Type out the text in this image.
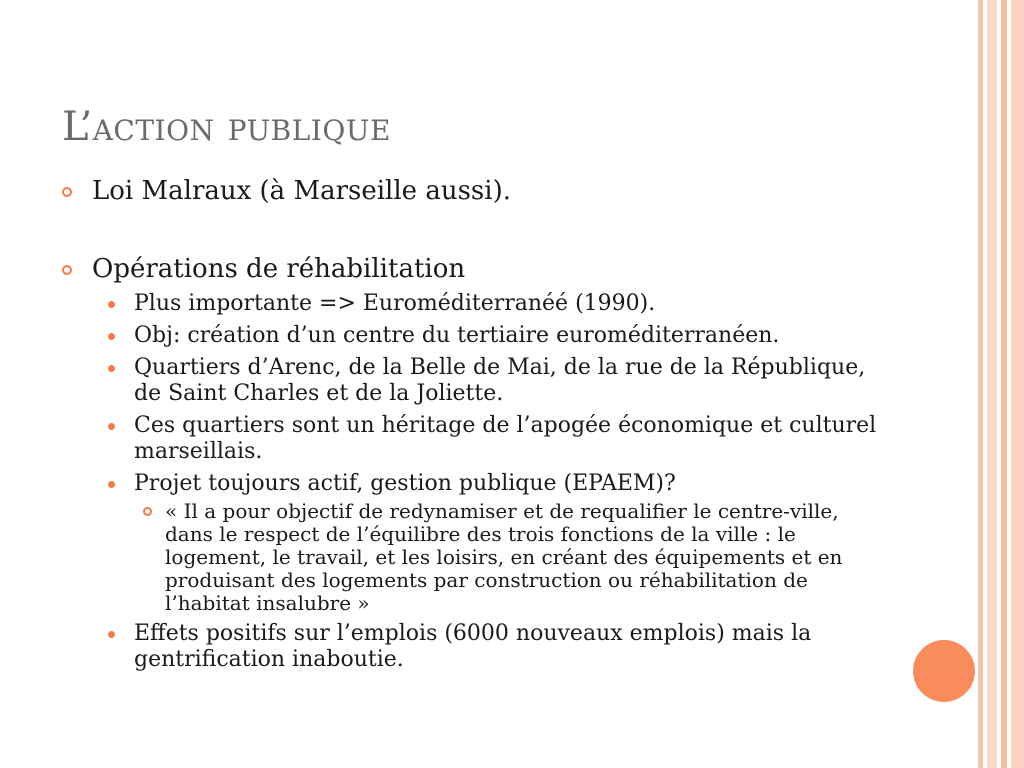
L’action publique
Loi Malraux (à Marseille aussi).
Opérations de réhabilitation
Plus importante => Euroméditerranéé (1990).
Obj: création d’un centre du tertiaire euroméditerranéen.
Quartiers d’Arenc, de la Belle de Mai, de la rue de la République, de Saint Charles et de la Joliette.
Ces quartiers sont un héritage de l’apogée économique et culturel marseillais.
Projet toujours actif, gestion publique (EPAEM)?
« Il a pour objectif de redynamiser et de requalifier le centre-ville, dans le respect de l’équilibre des trois fonctions de la ville : le logement, le travail, et les loisirs, en créant des équipements et en produisant des logements par construction ou réhabilitation de l’habitat insalubre »
Effets positifs sur l’emplois (6000 nouveaux emplois) mais la gentrification inaboutie.
